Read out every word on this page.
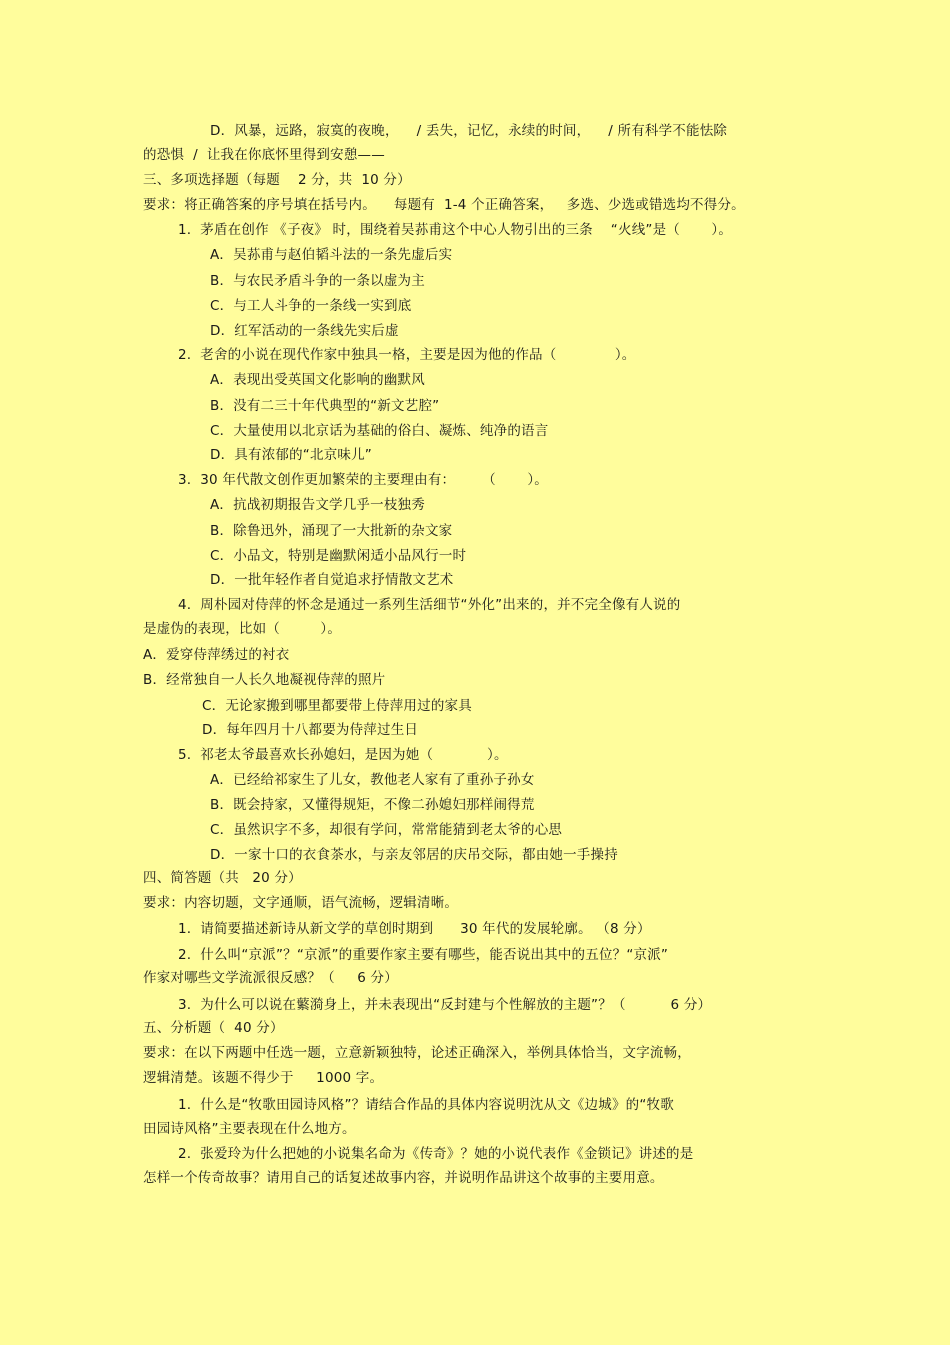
D．风暴，远路，寂寞的夜晚，    / 丢失，记忆，永续的时间，    / 所有科学不能怯除
的恐惧  /  让我在你底怀里得到安憩——
三、多项选择题（每题    2 分，共  10 分）
要求：将正确答案的序号填在括号内。    每题有  1-4 个正确答案，   多选、少选或错选均不得分。
1.  茅盾在创作 《子夜》 时，围绕着吴荪甫这个中心人物引出的三条    “火线”是（       ）。
A．吴荪甫与赵伯韬斗法的一条先虚后实
B．与农民矛盾斗争的一条以虚为主
C．与工人斗争的一条线一实到底
D．红军活动的一条线先实后虚
2.  老舍的小说在现代作家中独具一格，主要是因为他的作品（             ）。
A．表现出受英国文化影响的幽默风
B．没有二三十年代典型的“新文艺腔”
C．大量使用以北京话为基础的俗白、凝炼、纯净的语言
D．具有浓郁的“北京味儿”
3.  30 年代散文创作更加繁荣的主要理由有：      （       ）。
A．抗战初期报告文学几乎一枝独秀
B．除鲁迅外，涌现了一大批新的杂文家
C．小品文，特别是幽默闲适小品风行一时
D．一批年轻作者自觉追求抒情散文艺术
4.  周朴园对侍萍的怀念是通过一系列生活细节“外化”出来的，并不完全像有人说的
是虚伪的表现，比如（         ）。
A．爱穿侍萍绣过的衬衣
B．经常独自一人长久地凝视侍萍的照片
C．无论家搬到哪里都要带上侍萍用过的家具
D．每年四月十八都要为侍萍过生日
5.  祁老太爷最喜欢长孙媳妇，是因为她（            ）。
A．已经给祁家生了儿女，教他老人家有了重孙子孙女
B．既会持家，又懂得规矩，不像二孙媳妇那样闹得荒
C．虽然识字不多，却很有学问，常常能猜到老太爷的心思
D．一家十口的衣食茶水，与亲友邻居的庆吊交际，都由她一手操持
四、简答题（共   20 分）
要求：内容切题，文字通顺，语气流畅，逻辑清晰。
1.  请简要描述新诗从新文学的草创时期到      30 年代的发展轮廓。 （8 分）
2.  什么叫“京派”？“京派”的重要作家主要有哪些，能否说出其中的五位？“京派”
作家对哪些文学流派很反感？（     6 分）
3.  为什么可以说在蘩漪身上，并未表现出“反封建与个性解放的主题”？（          6 分）
五、分析题（  40 分）
要求：在以下两题中任选一题，立意新颖独特，论述正确深入，举例具体恰当，文字流畅，
逻辑清楚。该题不得少于     1000 字。
1.  什么是“牧歌田园诗风格”？请结合作品的具体内容说明沈从文《边城》的“牧歌
田园诗风格”主要表现在什么地方。
2.  张爱玲为什么把她的小说集名命为《传奇》？她的小说代表作《金锁记》讲述的是
怎样一个传奇故事？请用自己的话复述故事内容，并说明作品讲这个故事的主要用意。
